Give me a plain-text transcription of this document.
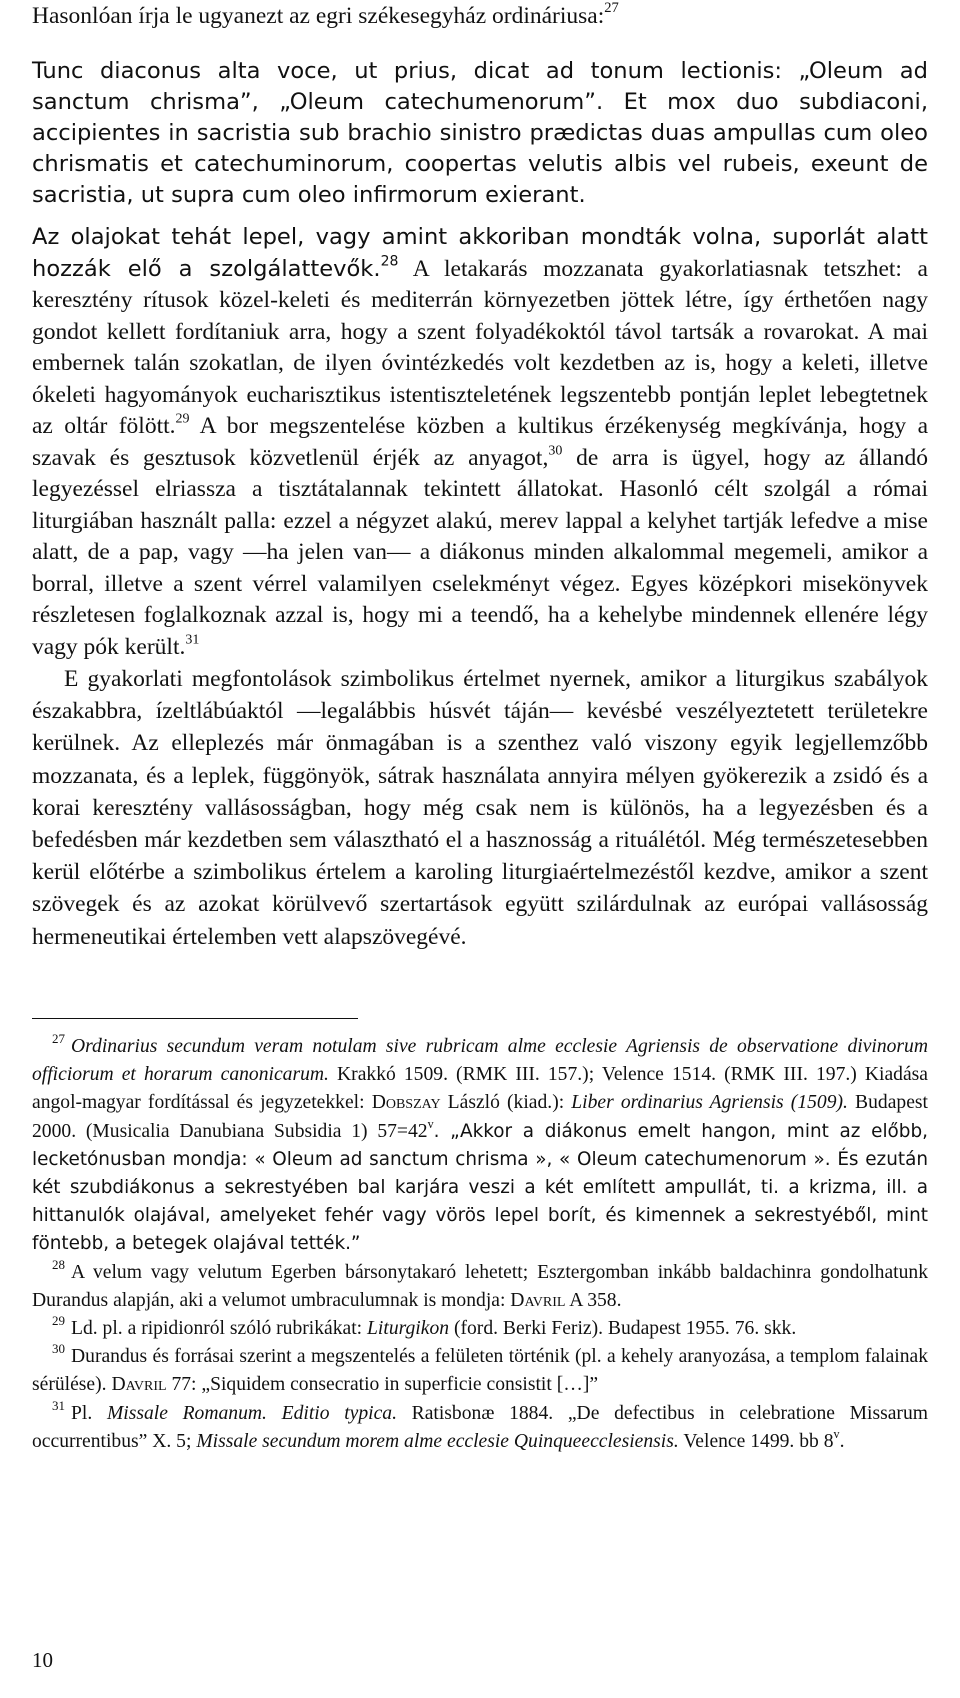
Hasonlóan írja le ugyanezt az egri székesegyház ordináriusa:$^{27}$

Tunc diaconus alta voce, ut prius, dicat ad tonum lectionis: „Oleum ad sanctum chrisma”, „Oleum catechumenorum”. Et mox duo subdiaconi, accipientes in sacristia sub brachio sinistro prædictas duas ampullas cum oleo chrismatis et catechuminorum, coopertas velutis albis vel rubeis, exeunt de sacristia, ut supra cum oleo infirmorum exierant.

Az olajokat tehát lepel, vagy amint akkoriban mondták volna, suporlát alatt hozzák elő a szolgálattevők.$^{28}$ A letakarás mozzanata gyakorlatiasnak tetszhet: a keresztény rítusok közel-keleti és mediterrán környezetben jöttek létre, így érthetően nagy gondot kellett fordítaniuk arra, hogy a szent folyadékoktól távol tartsák a rovarokat. A mai embernek talán szokatlan, de ilyen óvintézkedés volt kezdetben az is, hogy a keleti, illetve ókeleti hagyományok eucharisztikus istentiszteletének legszentebb pontján leplet lebegtetnek az oltár fölött.$^{29}$ A bor megszentelése közben a kultikus érzékenység megkívánja, hogy a szavak és gesztusok közvetlenül érjék az anyagot,$^{30}$ de arra is ügyel, hogy az állandó legyezéssel elriassza a tisztátalannak tekintett állatokat. Hasonló célt szolgál a római liturgiában használt palla: ezzel a négyzet alakú, merev lappal a kelyhet tartják lefedve a mise alatt, de a pap, vagy —ha jelen van— a diákonus minden alkalommal megemeli, amikor a borral, illetve a szent vérrel valamilyen cselekményt végez. Egyes középkori misekönyvek részletesen foglalkoznak azzal is, hogy mi a teendő, ha a kehelybe mindennek ellenére légy vagy pók került.$^{31}$

E gyakorlati megfontolások szimbolikus értelmet nyernek, amikor a liturgikus szabályok északabbra, ízeltlábúaktól —legalábbis húsvét táján— kevésbé veszélyeztetett területekre kerülnek. Az elleplezés már önmagában is a szenthez való viszony egyik legjellemzőbb mozzanata, és a leplek, függönyök, sátrak használata annyira mélyen gyökerezik a zsidó és a korai keresztény vallásosságban, hogy még csak nem is különös, ha a legyezésben és a befedésben már kezdetben sem választható el a hasznosság a rituálétól. Még természetesebben kerül előtérbe a szimbolikus értelem a karoling liturgiaértelmezéstől kezdve, amikor a szent szövegek és az azokat körülvevő szertartások együtt szilárdulnak az európai vallásosság hermeneutikai értelemben vett alapszövegévé.

$^{27}$ Ordinarius secundum veram notulam sive rubricam alme ecclesie Agriensis de observatione divinorum officiorum et horarum canonicarum. Krakkó 1509. (RMK III. 157.); Velence 1514. (RMK III. 197.) Kiadása angol-magyar fordítással és jegyzetekkel: Dobszay László (kiad.): Liber ordinarius Agriensis (1509). Budapest 2000. (Musicalia Danubiana Subsidia 1) $57=42^v$. „Akkor a diákonus emelt hangon, mint az előbb, lecketónusban mondja: « Oleum ad sanctum chrisma », « Oleum catechumenorum ». És ezután két szubdiákonus a sekrestyében bal karjára veszi a két említett ampullát, ti. a krizma, ill. a hittanulók olajával, amelyeket fehér vagy vörös lepel borít, és kimennek a sekrestyéből, mint föntebb, a betegek olajával tették.”

$^{28}$ A velum vagy velutum Egerben bársonytakaró lehetett; Esztergomban inkább baldachinra gondolhatunk Durandus alapján, aki a velumot umbraculumnak is mondja: Davril A 358.

$^{29}$ Ld. pl. a ripidionról szóló rubrikákat: Liturgikon (ford. Berki Feriz). Budapest 1955. 76. skk.

$^{30}$ Durandus és forrásai szerint a megszentelés a felületen történik (pl. a kehely aranyozása, a templom falainak sérülése). Davril 77: „Siquidem consecratio in superficie consistit […]”

$^{31}$ Pl. Missale Romanum. Editio typica. Ratisbonæ 1884. „De defectibus in celebratione Missarum occurrentibus” X. 5; Missale secundum morem alme ecclesie Quinqueecclesiensis. Velence 1499. bb 8$^v$.

10
